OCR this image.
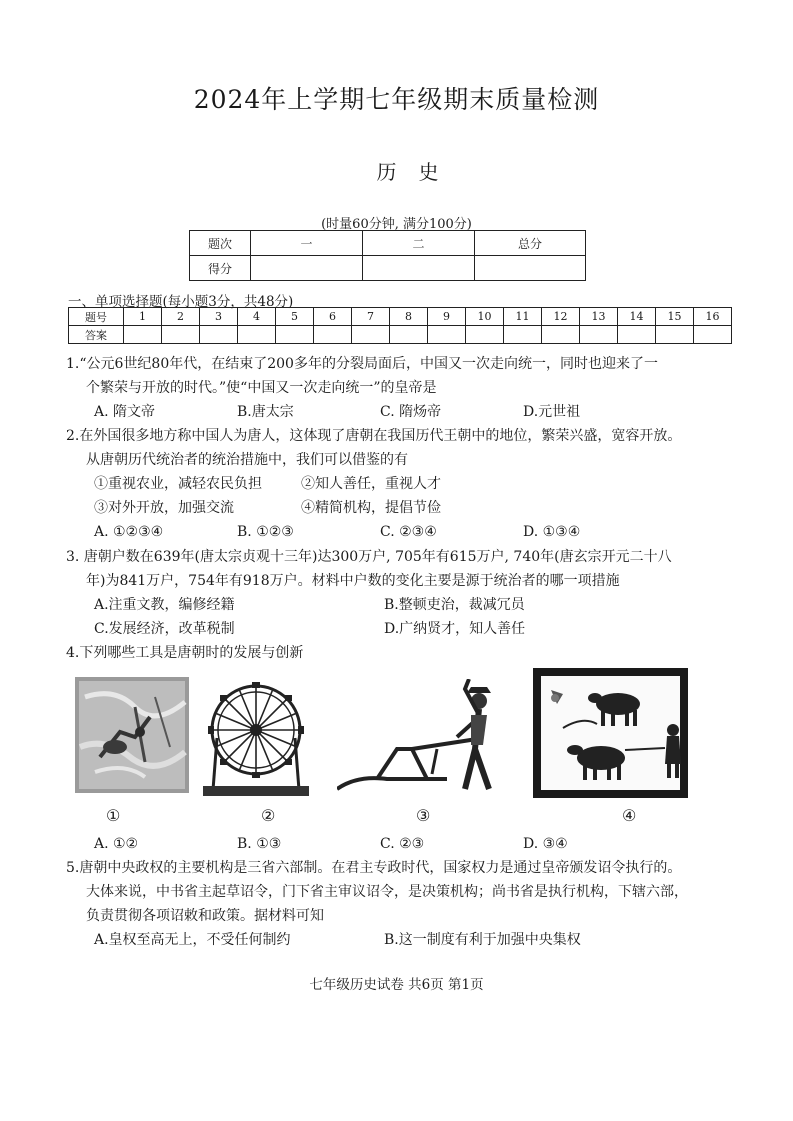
2024年上学期七年级期末质量检测
历史
(时量60分钟, 满分100分)
题次	一	二	总分
得分			
一、单项选择题(每小题3分，共48分)
题号	1	2	3	4	5	6	7	8	9	10	11	12	13	14	15	16
答案																
1.“公元6世纪80年代，在结束了200多年的分裂局面后，中国又一次走向统一，同时也迎来了一
个繁荣与开放的时代。”使“中国又一次走向统一”的皇帝是
A. 隋文帝	B.唐太宗	C. 隋炀帝	D.元世祖
2.在外国很多地方称中国人为唐人，这体现了唐朝在我国历代王朝中的地位，繁荣兴盛，宽容开放。
从唐朝历代统治者的统治措施中，我们可以借鉴的有
①重视农业，减轻农民负担	②知人善任，重视人才
③对外开放，加强交流	④精简机构，提倡节俭
A. ①②③④	B. ①②③	C. ②③④	D. ①③④
3. 唐朝户数在639年(唐太宗贞观十三年)达300万户, 705年有615万户, 740年(唐玄宗开元二十八
年)为841万户，754年有918万户。材料中户数的变化主要是源于统治者的哪一项措施
A.注重文教，编修经籍	B.整顿吏治，裁减冗员
C.发展经济，改革税制	D.广纳贤才，知人善任
4.下列哪些工具是唐朝时的发展与创新
①	②	③	④
A. ①②	B. ①③	C. ②③	D. ③④
5.唐朝中央政权的主要机构是三省六部制。在君主专政时代，国家权力是通过皇帝颁发诏令执行的。
大体来说，中书省主起草诏令，门下省主审议诏令，是决策机构；尚书省是执行机构，下辖六部，
负责贯彻各项诏敕和政策。据材料可知
A.皇权至高无上，不受任何制约	B.这一制度有利于加强中央集权
七年级历史试卷 共6页 第1页
